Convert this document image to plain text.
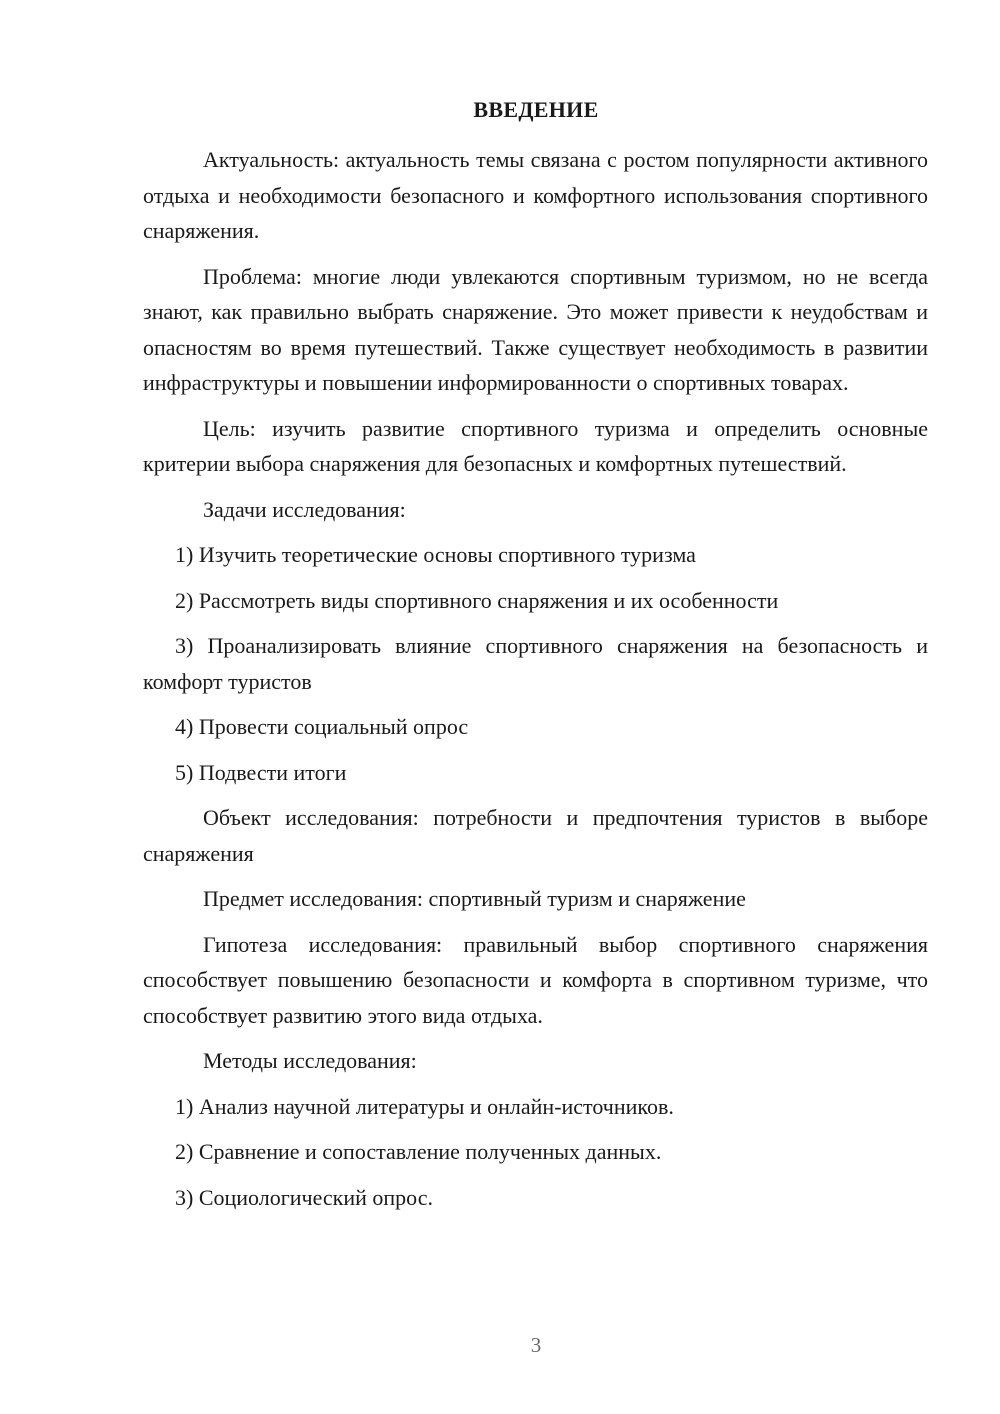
ВВЕДЕНИЕ

Актуальность: актуальность темы связана с ростом популярности активного отдыха и необходимости безопасного и комфортного использования спортивного снаряжения.

Проблема: многие люди увлекаются спортивным туризмом, но не всегда знают, как правильно выбрать снаряжение. Это может привести к неудобствам и опасностям во время путешествий. Также существует необходимость в развитии инфраструктуры и повышении информированности о спортивных товарах.

Цель: изучить развитие спортивного туризма и определить основные критерии выбора снаряжения для безопасных и комфортных путешествий.

Задачи исследования:

1) Изучить теоретические основы спортивного туризма

2) Рассмотреть виды спортивного снаряжения и их особенности

3) Проанализировать влияние спортивного снаряжения на безопасность и комфорт туристов

4) Провести социальный опрос

5) Подвести итоги

Объект исследования: потребности и предпочтения туристов в выборе снаряжения

Предмет исследования: спортивный туризм и снаряжение

Гипотеза исследования: правильный выбор спортивного снаряжения способствует повышению безопасности и комфорта в спортивном туризме, что способствует развитию этого вида отдыха.

Методы исследования:

1) Анализ научной литературы и онлайн-источников.

2) Сравнение и сопоставление полученных данных.

3) Социологический опрос.

3
